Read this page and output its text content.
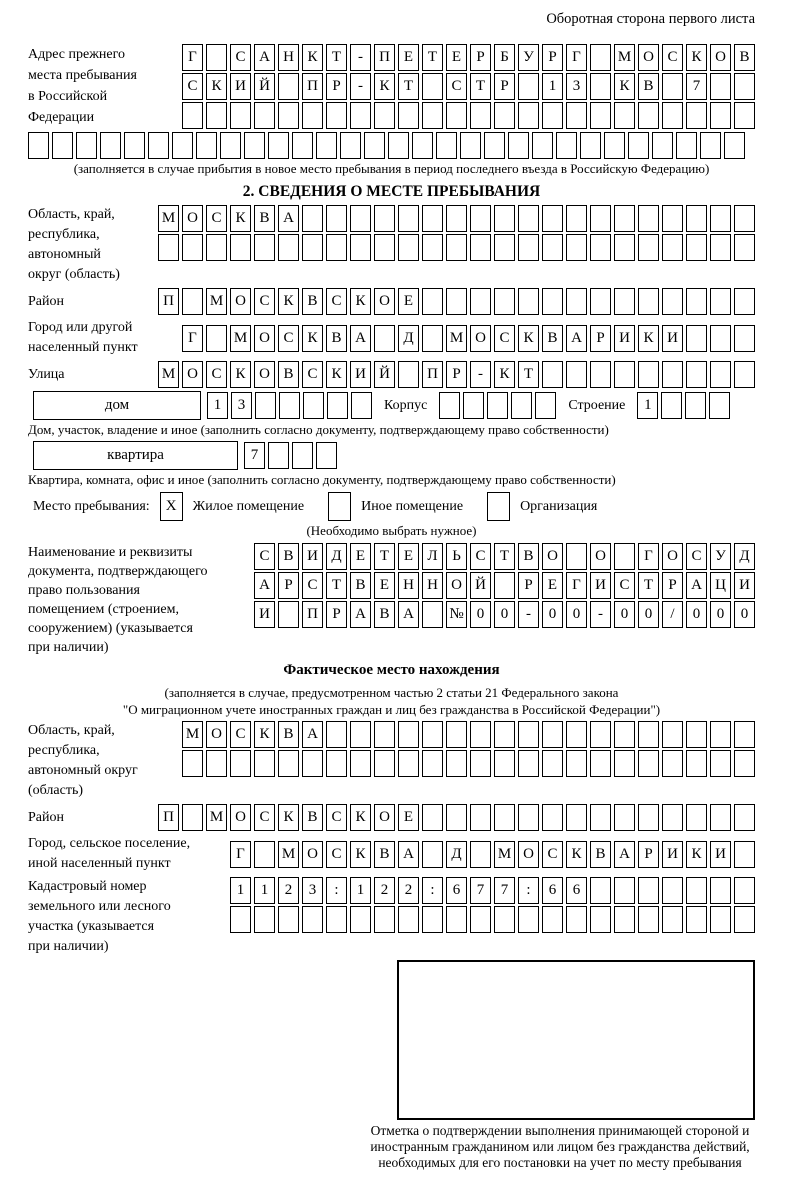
Оборотная сторона первого листа
Адрес прежнего
места пребывания
в Российской
Федерации
Г	С А Н К Т	-	П Е Т Е	Р	Б У Р	Г	М О С К О В
С К И Й	П Р	-	К Т	С Т	Р	1	3	К В	7
(заполняется в случае прибытия в новое место пребывания в период последнего въезда в Российскую Федерацию)
2. СВЕДЕНИЯ О МЕСТЕ ПРЕБЫВАНИЯ
Область, край,
республика,
автономный
округ (область)
М О С К В А
Район	П	М О С К В С К О Е
Город или другой
населенный пункт
Г	М О С К В А	Д	М О С К В А Р И К И
Улица	М О С К О В С К И Й	П Р	-	К Т
дом	1	3	Корпус	Строение	1
Дом, участок, владение и иное (заполнить согласно документу, подтверждающему право собственности)
квартира	7
Квартира, комната, офис и иное (заполнить согласно документу, подтверждающему право собственности)
Место пребывания:	X	Жилое помещение	Иное помещение	Организация
(Необходимо выбрать нужное)
Наименование и реквизиты
документа, подтверждающего
право пользования
помещением (строением,
сооружением) (указывается
при наличии)
С В И Д Е Т Е Л Ь С Т В О	О	Г О С У Д
А Р С Т В Е Н Н О Й	Р	Е	Г И С Т	Р А Ц И
И	П Р А В А	№ 0	0	-	0	0	-	0	0	/	0	0	0
Фактическое место нахождения
(заполняется в случае, предусмотренном частью 2 статьи 21 Федерального закона
"О миграционном учете иностранных граждан и лиц без гражданства в Российской Федерации")
Область, край,
республика,
автономный округ
(область)
М О С К В А
Район	П	М О С К В С К О Е
Город, сельское поселение,
иной населенный пункт
Г	М О С К В А	Д	М О С К В А Р И К И
Кадастровый номер
земельного или лесного
участка (указывается
при наличии)
1	1	2	3	:	1	2	2	:	6	7	7	:	6	6
Отметка о подтверждении выполнения принимающей стороной и иностранным гражданином или лицом без гражданства действий, необходимых для его постановки на учет по месту пребывания
